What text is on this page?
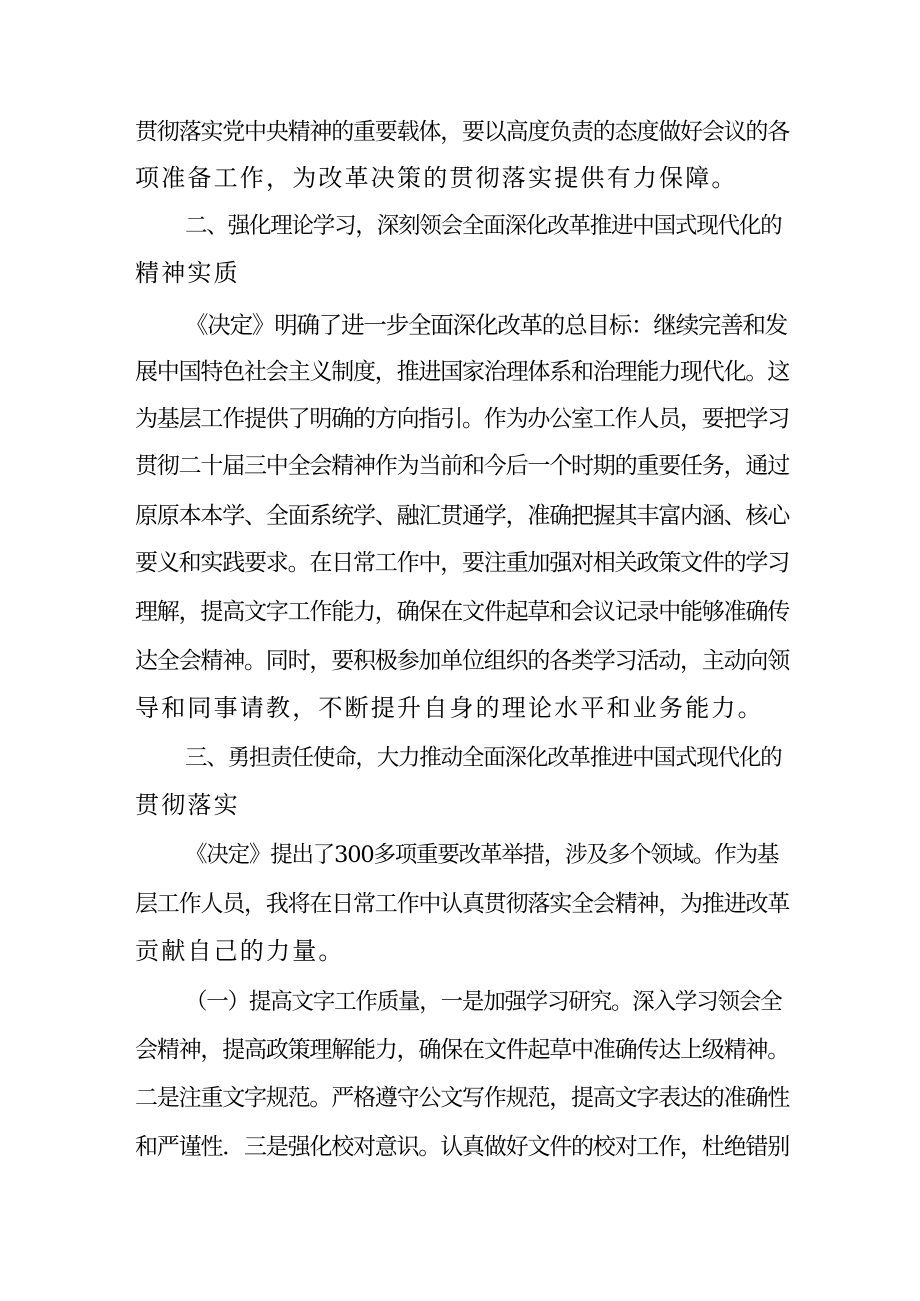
贯彻落实党中央精神的重要载体，要以高度负责的态度做好会议的各
项准备工作，为改革决策的贯彻落实提供有力保障。
二、强化理论学习，深刻领会全面深化改革推进中国式现代化的
精神实质
《决定》明确了进一步全面深化改革的总目标：继续完善和发
展中国特色社会主义制度，推进国家治理体系和治理能力现代化。这
为基层工作提供了明确的方向指引。作为办公室工作人员，要把学习
贯彻二十届三中全会精神作为当前和今后一个时期的重要任务，通过
原原本本学、全面系统学、融汇贯通学，准确把握其丰富内涵、核心
要义和实践要求。在日常工作中，要注重加强对相关政策文件的学习
理解，提高文字工作能力，确保在文件起草和会议记录中能够准确传
达全会精神。同时，要积极参加单位组织的各类学习活动，主动向领
导和同事请教，不断提升自身的理论水平和业务能力。
三、勇担责任使命，大力推动全面深化改革推进中国式现代化的
贯彻落实
《决定》提出了300多项重要改革举措，涉及多个领域。作为基
层工作人员，我将在日常工作中认真贯彻落实全会精神，为推进改革
贡献自己的力量。
（一）提高文字工作质量，一是加强学习研究。深入学习领会全
会精神，提高政策理解能力，确保在文件起草中准确传达上级精神。
二是注重文字规范。严格遵守公文写作规范，提高文字表达的准确性
和严谨性．三是强化校对意识。认真做好文件的校对工作，杜绝错别
